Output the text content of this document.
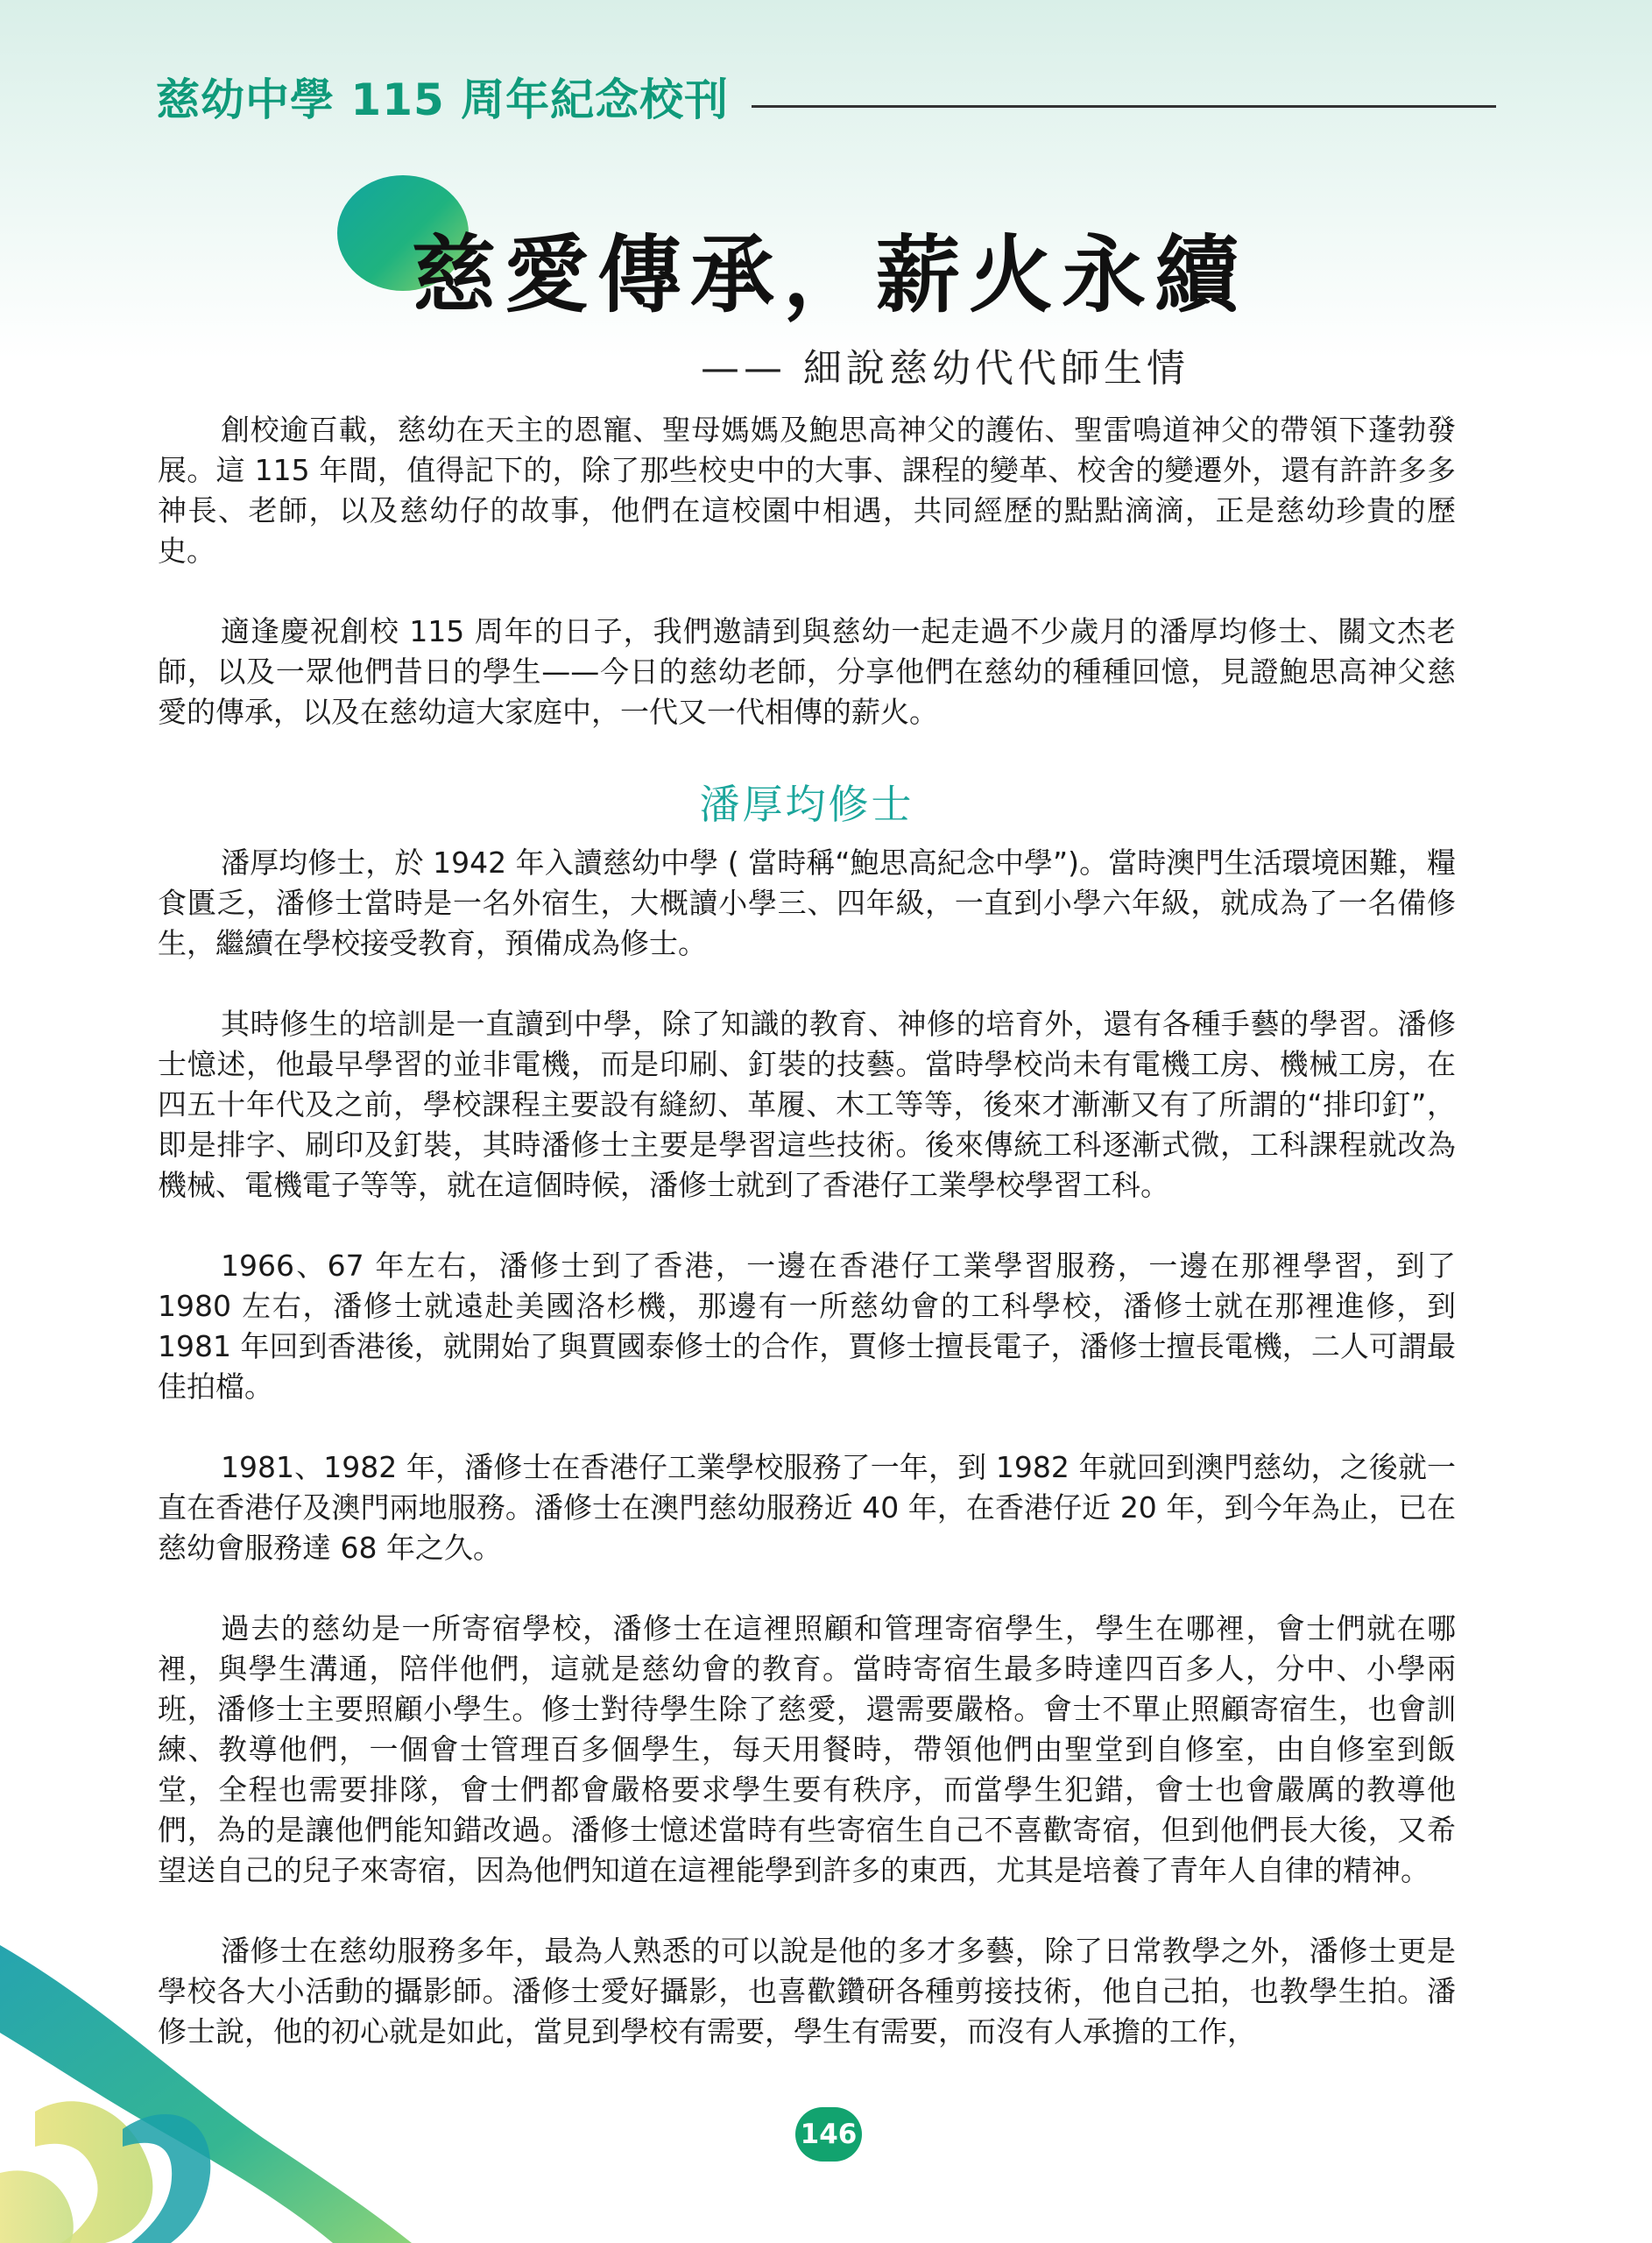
慈幼中學 115 周年紀念校刊
慈愛傳承，薪火永續
—— 細說慈幼代代師生情

創校逾百載，慈幼在天主的恩寵、聖母媽媽及鮑思高神父的護佑、聖雷鳴道神父的帶領下蓬勃發展。這 115 年間，值得記下的，除了那些校史中的大事、課程的變革、校舍的變遷外，還有許許多多神長、老師，以及慈幼仔的故事，他們在這校園中相遇，共同經歷的點點滴滴，正是慈幼珍貴的歷史。

適逢慶祝創校 115 周年的日子，我們邀請到與慈幼一起走過不少歲月的潘厚均修士、關文杰老師，以及一眾他們昔日的學生——今日的慈幼老師，分享他們在慈幼的種種回憶，見證鮑思高神父慈愛的傳承，以及在慈幼這大家庭中，一代又一代相傳的薪火。

潘厚均修士

潘厚均修士，於 1942 年入讀慈幼中學 ( 當時稱“鮑思高紀念中學”)。當時澳門生活環境困難，糧食匱乏，潘修士當時是一名外宿生，大概讀小學三、四年級，一直到小學六年級，就成為了一名備修生，繼續在學校接受教育，預備成為修士。

其時修生的培訓是一直讀到中學，除了知識的教育、神修的培育外，還有各種手藝的學習。潘修士憶述，他最早學習的並非電機，而是印刷、釘裝的技藝。當時學校尚未有電機工房、機械工房，在四五十年代及之前，學校課程主要設有縫紉、革履、木工等等，後來才漸漸又有了所謂的“排印釘”，即是排字、刷印及釘裝，其時潘修士主要是學習這些技術。後來傳統工科逐漸式微，工科課程就改為機械、電機電子等等，就在這個時候，潘修士就到了香港仔工業學校學習工科。

1966、67 年左右，潘修士到了香港，一邊在香港仔工業學習服務，一邊在那裡學習，到了 1980 左右，潘修士就遠赴美國洛杉機，那邊有一所慈幼會的工科學校，潘修士就在那裡進修，到 1981 年回到香港後，就開始了與賈國泰修士的合作，賈修士擅長電子，潘修士擅長電機，二人可謂最佳拍檔。

1981、1982 年，潘修士在香港仔工業學校服務了一年，到 1982 年就回到澳門慈幼，之後就一直在香港仔及澳門兩地服務。潘修士在澳門慈幼服務近 40 年，在香港仔近 20 年，到今年為止，已在慈幼會服務達 68 年之久。

過去的慈幼是一所寄宿學校，潘修士在這裡照顧和管理寄宿學生，學生在哪裡，會士們就在哪裡，與學生溝通，陪伴他們，這就是慈幼會的教育。當時寄宿生最多時達四百多人，分中、小學兩班，潘修士主要照顧小學生。修士對待學生除了慈愛，還需要嚴格。會士不單止照顧寄宿生，也會訓練、教導他們，一個會士管理百多個學生，每天用餐時，帶領他們由聖堂到自修室，由自修室到飯堂，全程也需要排隊，會士們都會嚴格要求學生要有秩序，而當學生犯錯，會士也會嚴厲的教導他們，為的是讓他們能知錯改過。潘修士憶述當時有些寄宿生自己不喜歡寄宿，但到他們長大後，又希望送自己的兒子來寄宿，因為他們知道在這裡能學到許多的東西，尤其是培養了青年人自律的精神。

潘修士在慈幼服務多年，最為人熟悉的可以說是他的多才多藝，除了日常教學之外，潘修士更是學校各大小活動的攝影師。潘修士愛好攝影，也喜歡鑽研各種剪接技術，他自己拍，也教學生拍。潘修士說，他的初心就是如此，當見到學校有需要，學生有需要，而沒有人承擔的工作，

146
